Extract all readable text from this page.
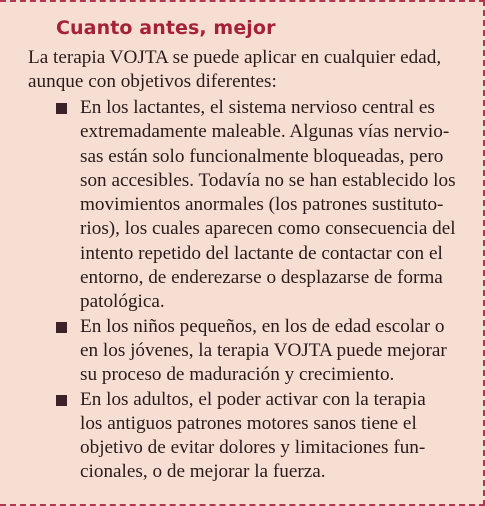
Cuanto antes, mejor

La terapia VOJTA se puede aplicar en cualquier edad,
aunque con objetivos diferentes:

En los lactantes, el sistema nervioso central es
extremadamente maleable. Algunas vías nervio-
sas están solo funcionalmente bloqueadas, pero
son accesibles. Todavía no se han establecido los
movimientos anormales (los patrones sustituto-
rios), los cuales aparecen como consecuencia del
intento repetido del lactante de contactar con el
entorno, de enderezarse o desplazarse de forma
patológica.
En los niños pequeños, en los de edad escolar o
en los jóvenes, la terapia VOJTA puede mejorar
su proceso de maduración y crecimiento.
En los adultos, el poder activar con la terapia
los antiguos patrones motores sanos tiene el
objetivo de evitar dolores y limitaciones fun-
cionales, o de mejorar la fuerza.
